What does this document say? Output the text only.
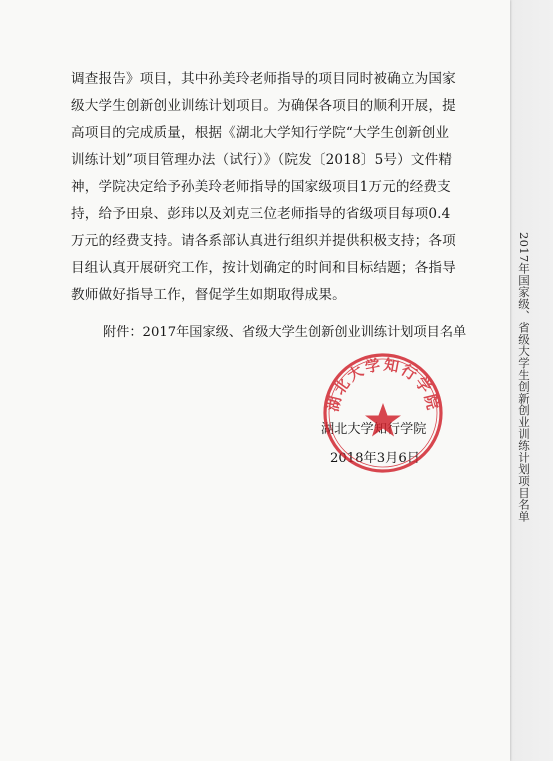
2017年国家级、省级大学生创新创业训练计划项目名单
调查报告》项目，其中孙美玲老师指导的项目同时被确立为国家
级大学生创新创业训练计划项目。为确保各项目的顺利开展，提
高项目的完成质量，根据《湖北大学知行学院“大学生创新创业
训练计划”项目管理办法（试行）》（院发〔2018〕5号）文件精
神，学院决定给予孙美玲老师指导的国家级项目1万元的经费支
持，给予田泉、彭玮以及刘克三位老师指导的省级项目每项0.4
万元的经费支持。请各系部认真进行组织并提供积极支持；各项
目组认真开展研究工作，按计划确定的时间和目标结题；各指导
教师做好指导工作，督促学生如期取得成果。
附件：2017年国家级、省级大学生创新创业训练计划项目名单
湖北大学知行学院
2018年3月6日
湖北大学知行学院
